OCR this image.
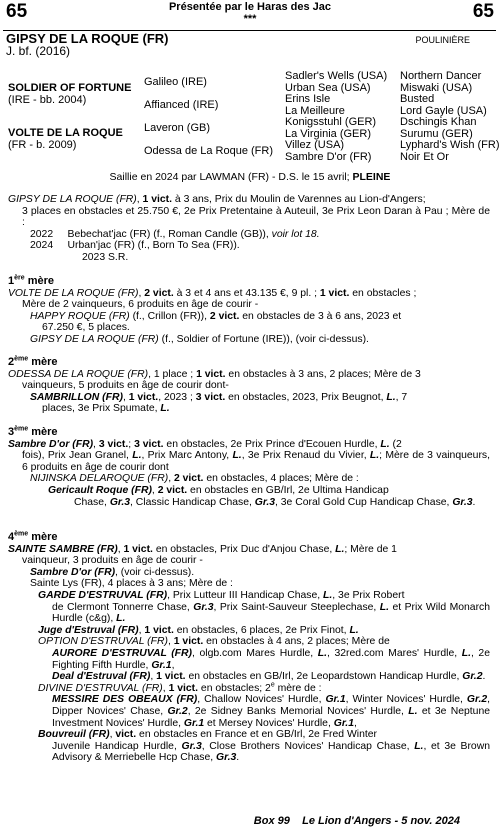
65	65
Présentée par le Haras des Jac
***
GIPSY DE LA ROQUE (FR)
J. bf. (2016)
POULINIÈRE
SOLDIER OF FORTUNE
(IRE - bb. 2004)
VOLTE DE LA ROQUE
(FR - b. 2009)
Galileo (IRE)
Affianced (IRE)
Laveron (GB)
Odessa de La Roque (FR)
Sadler's Wells (USA)
Urban Sea (USA)
Erins Isle
La Meilleure
Konigsstuhl (GER)
La Virginia (GER)
Villez (USA)
Sambre D'or (FR)
Northern Dancer
Miswaki (USA)
Busted
Lord Gayle (USA)
Dschingis Khan
Surumu (GER)
Lyphard's Wish (FR)
Noir Et Or
Saillie en 2024 par LAWMAN (FR) - D.S. le 15 avril; PLEINE
GIPSY DE LA ROQUE (FR), 1 vict. à 3 ans, Prix du Moulin de Varennes au Lion-d'Angers;
3 places en obstacles et 25.750 €, 2e Prix Pretentaine à Auteuil, 3e Prix Leon Daran à Pau ; Mère de :
2022     Bebechat'jac (FR) (f., Roman Candle (GB)), voir lot 18.
2024     Urban'jac (FR) (f., Born To Sea (FR)).
2023 S.R.
1ère mère
VOLTE DE LA ROQUE (FR), 2 vict. à 3 et 4 ans et 43.135 €, 9 pl. ; 1 vict. en obstacles ;
Mère de 2 vainqueurs, 6 produits en âge de courir -
HAPPY ROQUE (FR) (f., Crillon (FR)), 2 vict. en obstacles de 3 à 6 ans, 2023 et
67.250 €, 5 places.
GIPSY DE LA ROQUE (FR) (f., Soldier of Fortune (IRE)), (voir ci-dessus).
2ème mère
ODESSA DE LA ROQUE (FR), 1 place ; 1 vict. en obstacles à 3 ans, 2 places; Mère de 3
vainqueurs, 5 produits en âge de courir dont-
SAMBRILLON (FR), 1 vict., 2023 ; 3 vict. en obstacles, 2023, Prix Beugnot, L., 7
places, 3e Prix Spumate, L.
3ème mère
Sambre D'or (FR), 3 vict.; 3 vict. en obstacles, 2e Prix Prince d'Ecouen Hurdle, L. (2
fois), Prix Jean Granel, L., Prix Marc Antony, L., 3e Prix Renaud du Vivier, L.; Mère de 3 vainqueurs, 6 produits en âge de courir dont
NIJINSKA DELAROQUE (FR), 2 vict. en obstacles, 4 places; Mère de :
Gericault Roque (FR), 2 vict. en obstacles en GB/Irl, 2e Ultima Handicap
Chase, Gr.3, Classic Handicap Chase, Gr.3, 3e Coral Gold Cup Handicap Chase, Gr.3.
4ème mère
SAINTE SAMBRE (FR), 1 vict. en obstacles, Prix Duc d'Anjou Chase, L.; Mère de 1
vainqueur, 3 produits en âge de courir -
Sambre D'or (FR), (voir ci-dessus).
Sainte Lys (FR), 4 places à 3 ans; Mère de :
GARDE D'ESTRUVAL (FR), Prix Lutteur III Handicap Chase, L., 3e Prix Robert
de Clermont Tonnerre Chase, Gr.3, Prix Saint-Sauveur Steeplechase, L. et Prix Wild Monarch Hurdle (c&g), L.
Juge d'Estruval (FR), 1 vict. en obstacles, 6 places, 2e Prix Finot, L.
OPTION D'ESTRUVAL (FR), 1 vict. en obstacles à 4 ans, 2 places; Mère de
AURORE D'ESTRUVAL (FR), olgb.com Mares Hurdle, L., 32red.com Mares' Hurdle, L., 2e Fighting Fifth Hurdle, Gr.1,
Deal d'Estruval (FR), 1 vict. en obstacles en GB/Irl, 2e Leopardstown Handicap Hurdle, Gr.2.
DIVINE D'ESTRUVAL (FR), 1 vict. en obstacles; 2e mère de :
MESSIRE DES OBEAUX (FR), Challow Novices' Hurdle, Gr.1, Winter Novices' Hurdle, Gr.2, Dipper Novices' Chase, Gr.2, 2e Sidney Banks Memorial Novices' Hurdle, L. et 3e Neptune Investment Novices' Hurdle, Gr.1 et Mersey Novices' Hurdle, Gr.1,
Bouvreuil (FR), vict. en obstacles en France et en GB/Irl, 2e Fred Winter
Juvenile Handicap Hurdle, Gr.3, Close Brothers Novices' Handicap Chase, L., et 3e Brown Advisory & Merriebelle Hcp Chase, Gr.3.
Box 99 Le Lion d'Angers - 5 nov. 2024
